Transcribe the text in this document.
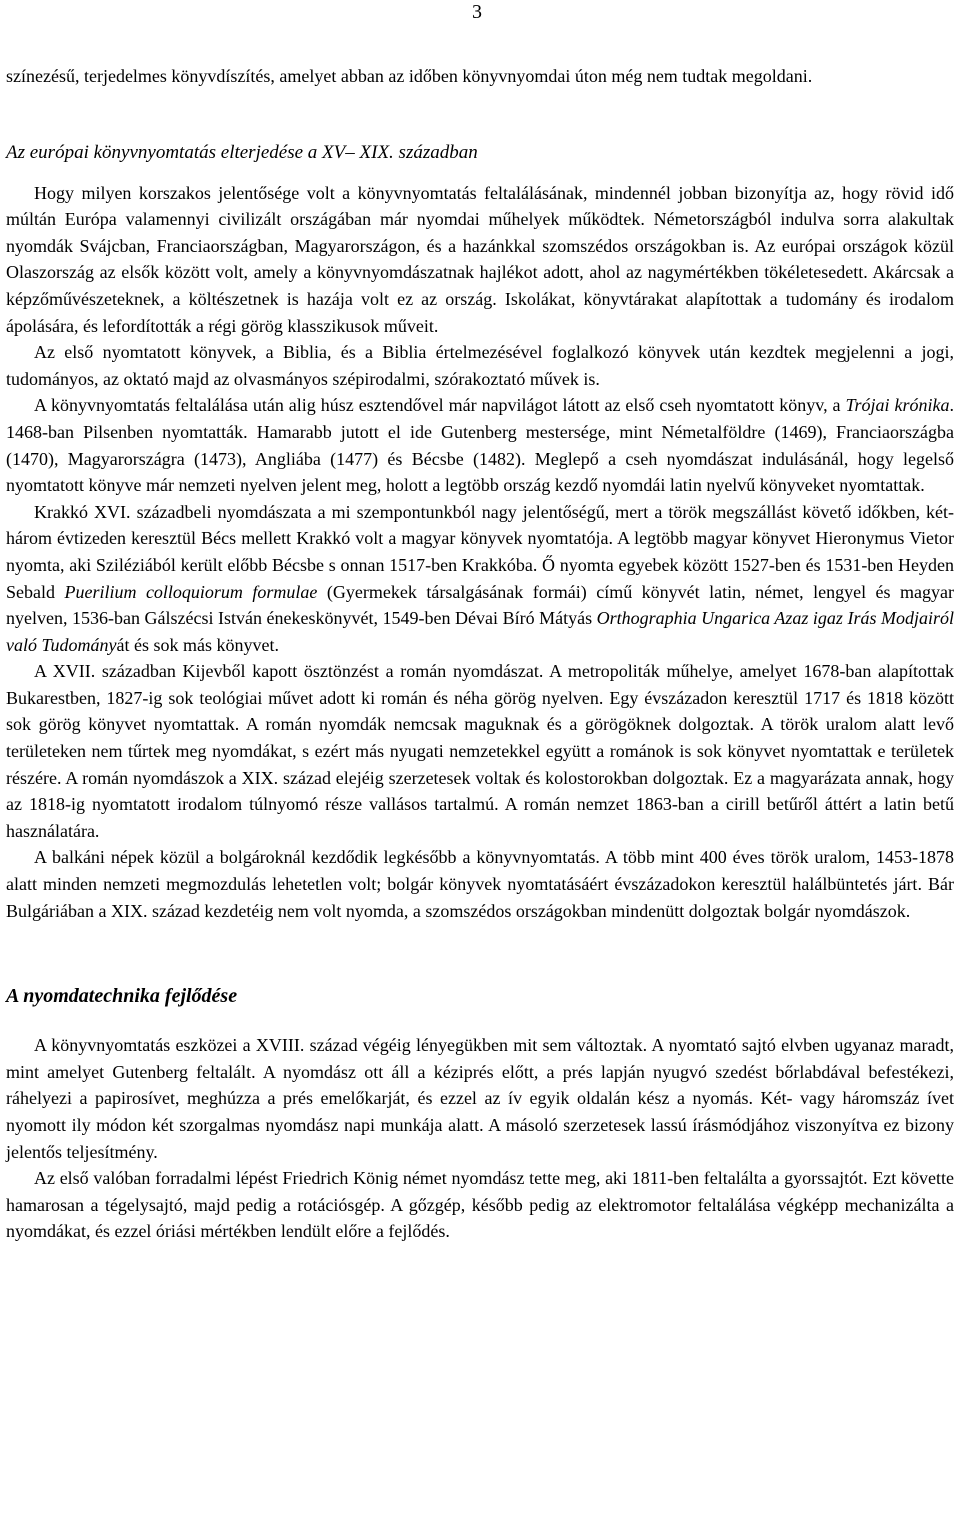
3

színezésű, terjedelmes könyvdíszítés, amelyet abban az időben könyvnyomdai úton még nem tudtak megoldani.

Az európai könyvnyomtatás elterjedése a XV– XIX. században

Hogy milyen korszakos jelentősége volt a könyvnyomtatás feltalálásának, mindennél jobban bizonyítja az, hogy rövid idő múltán Európa valamennyi civilizált országában már nyomdai műhelyek működtek. Németországból indulva sorra alakultak nyomdák Svájcban, Franciaországban, Magyarországon, és a hazánkkal szomszédos országokban is. Az európai országok közül Olaszország az elsők között volt, amely a könyvnyomdászatnak hajlékot adott, ahol az nagymértékben tökéletesedett. Akárcsak a képzőművészeteknek, a költészetnek is hazája volt ez az ország. Iskolákat, könyvtárakat alapítottak a tudomány és irodalom ápolására, és lefordították a régi görög klasszikusok műveit.

Az első nyomtatott könyvek, a Biblia, és a Biblia értelmezésével foglalkozó könyvek után kezdtek megjelenni a jogi, tudományos, az oktató majd az olvasmányos szépirodalmi, szórakoztató művek is.

A könyvnyomtatás feltalálása után alig húsz esztendővel már napvilágot látott az első cseh nyomtatott könyv, a Trójai krónika. 1468-ban Pilsenben nyomtatták. Hamarabb jutott el ide Gutenberg mestersége, mint Németalföldre (1469), Franciaországba (1470), Magyarországra (1473), Angliába (1477) és Bécsbe (1482). Meglepő a cseh nyomdászat indulásánál, hogy legelső nyomtatott könyve már nemzeti nyelven jelent meg, holott a legtöbb ország kezdő nyomdái latin nyelvű könyveket nyomtattak.

Krakkó XVI. századbeli nyomdászata a mi szempontunkból nagy jelentőségű, mert a török megszállást követő időkben, két-három évtizeden keresztül Bécs mellett Krakkó volt a magyar könyvek nyomtatója. A legtöbb magyar könyvet Hieronymus Vietor nyomta, aki Sziléziából került előbb Bécsbe s onnan 1517-ben Krakkóba. Ő nyomta egyebek között 1527-ben és 1531-ben Heyden Sebald Puerilium colloquiorum formulae (Gyermekek társalgásának formái) című könyvét latin, német, lengyel és magyar nyelven, 1536-ban Gálszécsi István énekeskönyvét, 1549-ben Dévai Bíró Mátyás Orthographia Ungarica Azaz igaz Irás Modjairól való Tudományát és sok más könyvet.

A XVII. században Kijevből kapott ösztönzést a román nyomdászat. A metropoliták műhelye, amelyet 1678-ban alapítottak Bukarestben, 1827-ig sok teológiai művet adott ki román és néha görög nyelven. Egy évszázadon keresztül 1717 és 1818 között sok görög könyvet nyomtattak. A román nyomdák nemcsak maguknak és a görögöknek dolgoztak. A török uralom alatt levő területeken nem tűrtek meg nyomdákat, s ezért más nyugati nemzetekkel együtt a románok is sok könyvet nyomtattak e területek részére. A román nyomdászok a XIX. század elejéig szerzetesek voltak és kolostorokban dolgoztak. Ez a magyarázata annak, hogy az 1818-ig nyomtatott irodalom túlnyomó része vallásos tartalmú. A román nemzet 1863-ban a cirill betűről áttért a latin betű használatára.

A balkáni népek közül a bolgároknál kezdődik legkésőbb a könyvnyomtatás. A több mint 400 éves török uralom, 1453-1878 alatt minden nemzeti megmozdulás lehetetlen volt; bolgár könyvek nyomtatásáért évszázadokon keresztül halálbüntetés járt. Bár Bulgáriában a XIX. század kezdetéig nem volt nyomda, a szomszédos országokban mindenütt dolgoztak bolgár nyomdászok.

A nyomdatechnika fejlődése

A könyvnyomtatás eszközei a XVIII. század végéig lényegükben mit sem változtak. A nyomtató sajtó elvben ugyanaz maradt, mint amelyet Gutenberg feltalált. A nyomdász ott áll a kéziprés előtt, a prés lapján nyugvó szedést bőrlabdával befestékezi, ráhelyezi a papirosívet, meghúzza a prés emelőkarját, és ezzel az ív egyik oldalán kész a nyomás. Két- vagy háromszáz ívet nyomott ily módon két szorgalmas nyomdász napi munkája alatt. A másoló szerzetesek lassú írásmódjához viszonyítva ez bizony jelentős teljesítmény.

Az első valóban forradalmi lépést Friedrich König német nyomdász tette meg, aki 1811-ben feltalálta a gyorssajtót. Ezt követte hamarosan a tégelysajtó, majd pedig a rotációsgép. A gőzgép, később pedig az elektromotor feltalálása végképp mechanizálta a nyomdákat, és ezzel óriási mértékben lendült előre a fejlődés.
